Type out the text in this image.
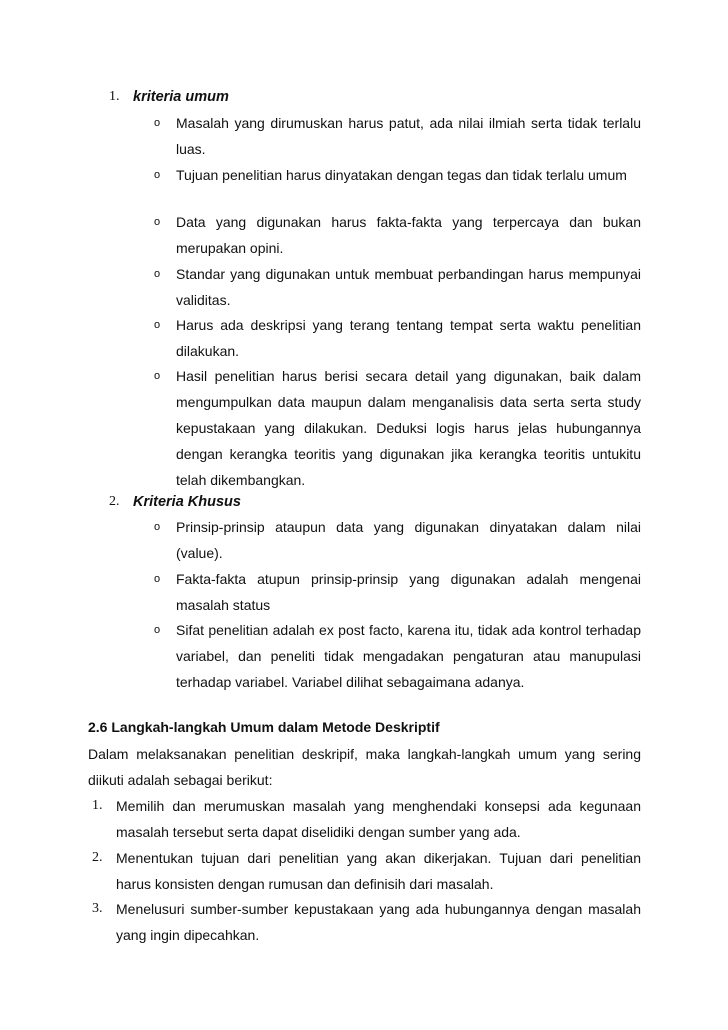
1. kriteria umum
o Masalah yang dirumuskan harus patut, ada nilai ilmiah serta tidak terlalu luas.
o Tujuan penelitian harus dinyatakan dengan tegas dan tidak terlalu umum
o Data yang digunakan harus fakta-fakta yang terpercaya dan bukan merupakan opini.
o Standar yang digunakan untuk membuat perbandingan harus mempunyai validitas.
o Harus ada deskripsi yang terang tentang tempat serta waktu penelitian dilakukan.
o Hasil penelitian harus berisi secara detail yang digunakan, baik dalam mengumpulkan data maupun dalam menganalisis data serta serta study kepustakaan yang dilakukan. Deduksi logis harus jelas hubungannya dengan kerangka teoritis yang digunakan jika kerangka teoritis untukitu telah dikembangkan.
2. Kriteria Khusus
o Prinsip-prinsip ataupun data yang digunakan dinyatakan dalam nilai (value).
o Fakta-fakta atupun prinsip-prinsip yang digunakan adalah mengenai masalah status
o Sifat penelitian adalah ex post facto, karena itu, tidak ada kontrol terhadap variabel, dan peneliti tidak mengadakan pengaturan atau manupulasi terhadap variabel. Variabel dilihat sebagaimana adanya.
2.6 Langkah-langkah Umum dalam Metode Deskriptif
Dalam melaksanakan penelitian deskripif, maka langkah-langkah umum yang sering diikuti adalah sebagai berikut:
1. Memilih dan merumuskan masalah yang menghendaki konsepsi ada kegunaan masalah tersebut serta dapat diselidiki dengan sumber yang ada.
2. Menentukan tujuan dari penelitian yang akan dikerjakan. Tujuan dari penelitian harus konsisten dengan rumusan dan definisih dari masalah.
3. Menelusuri sumber-sumber kepustakaan yang ada hubungannya dengan masalah yang ingin dipecahkan.
